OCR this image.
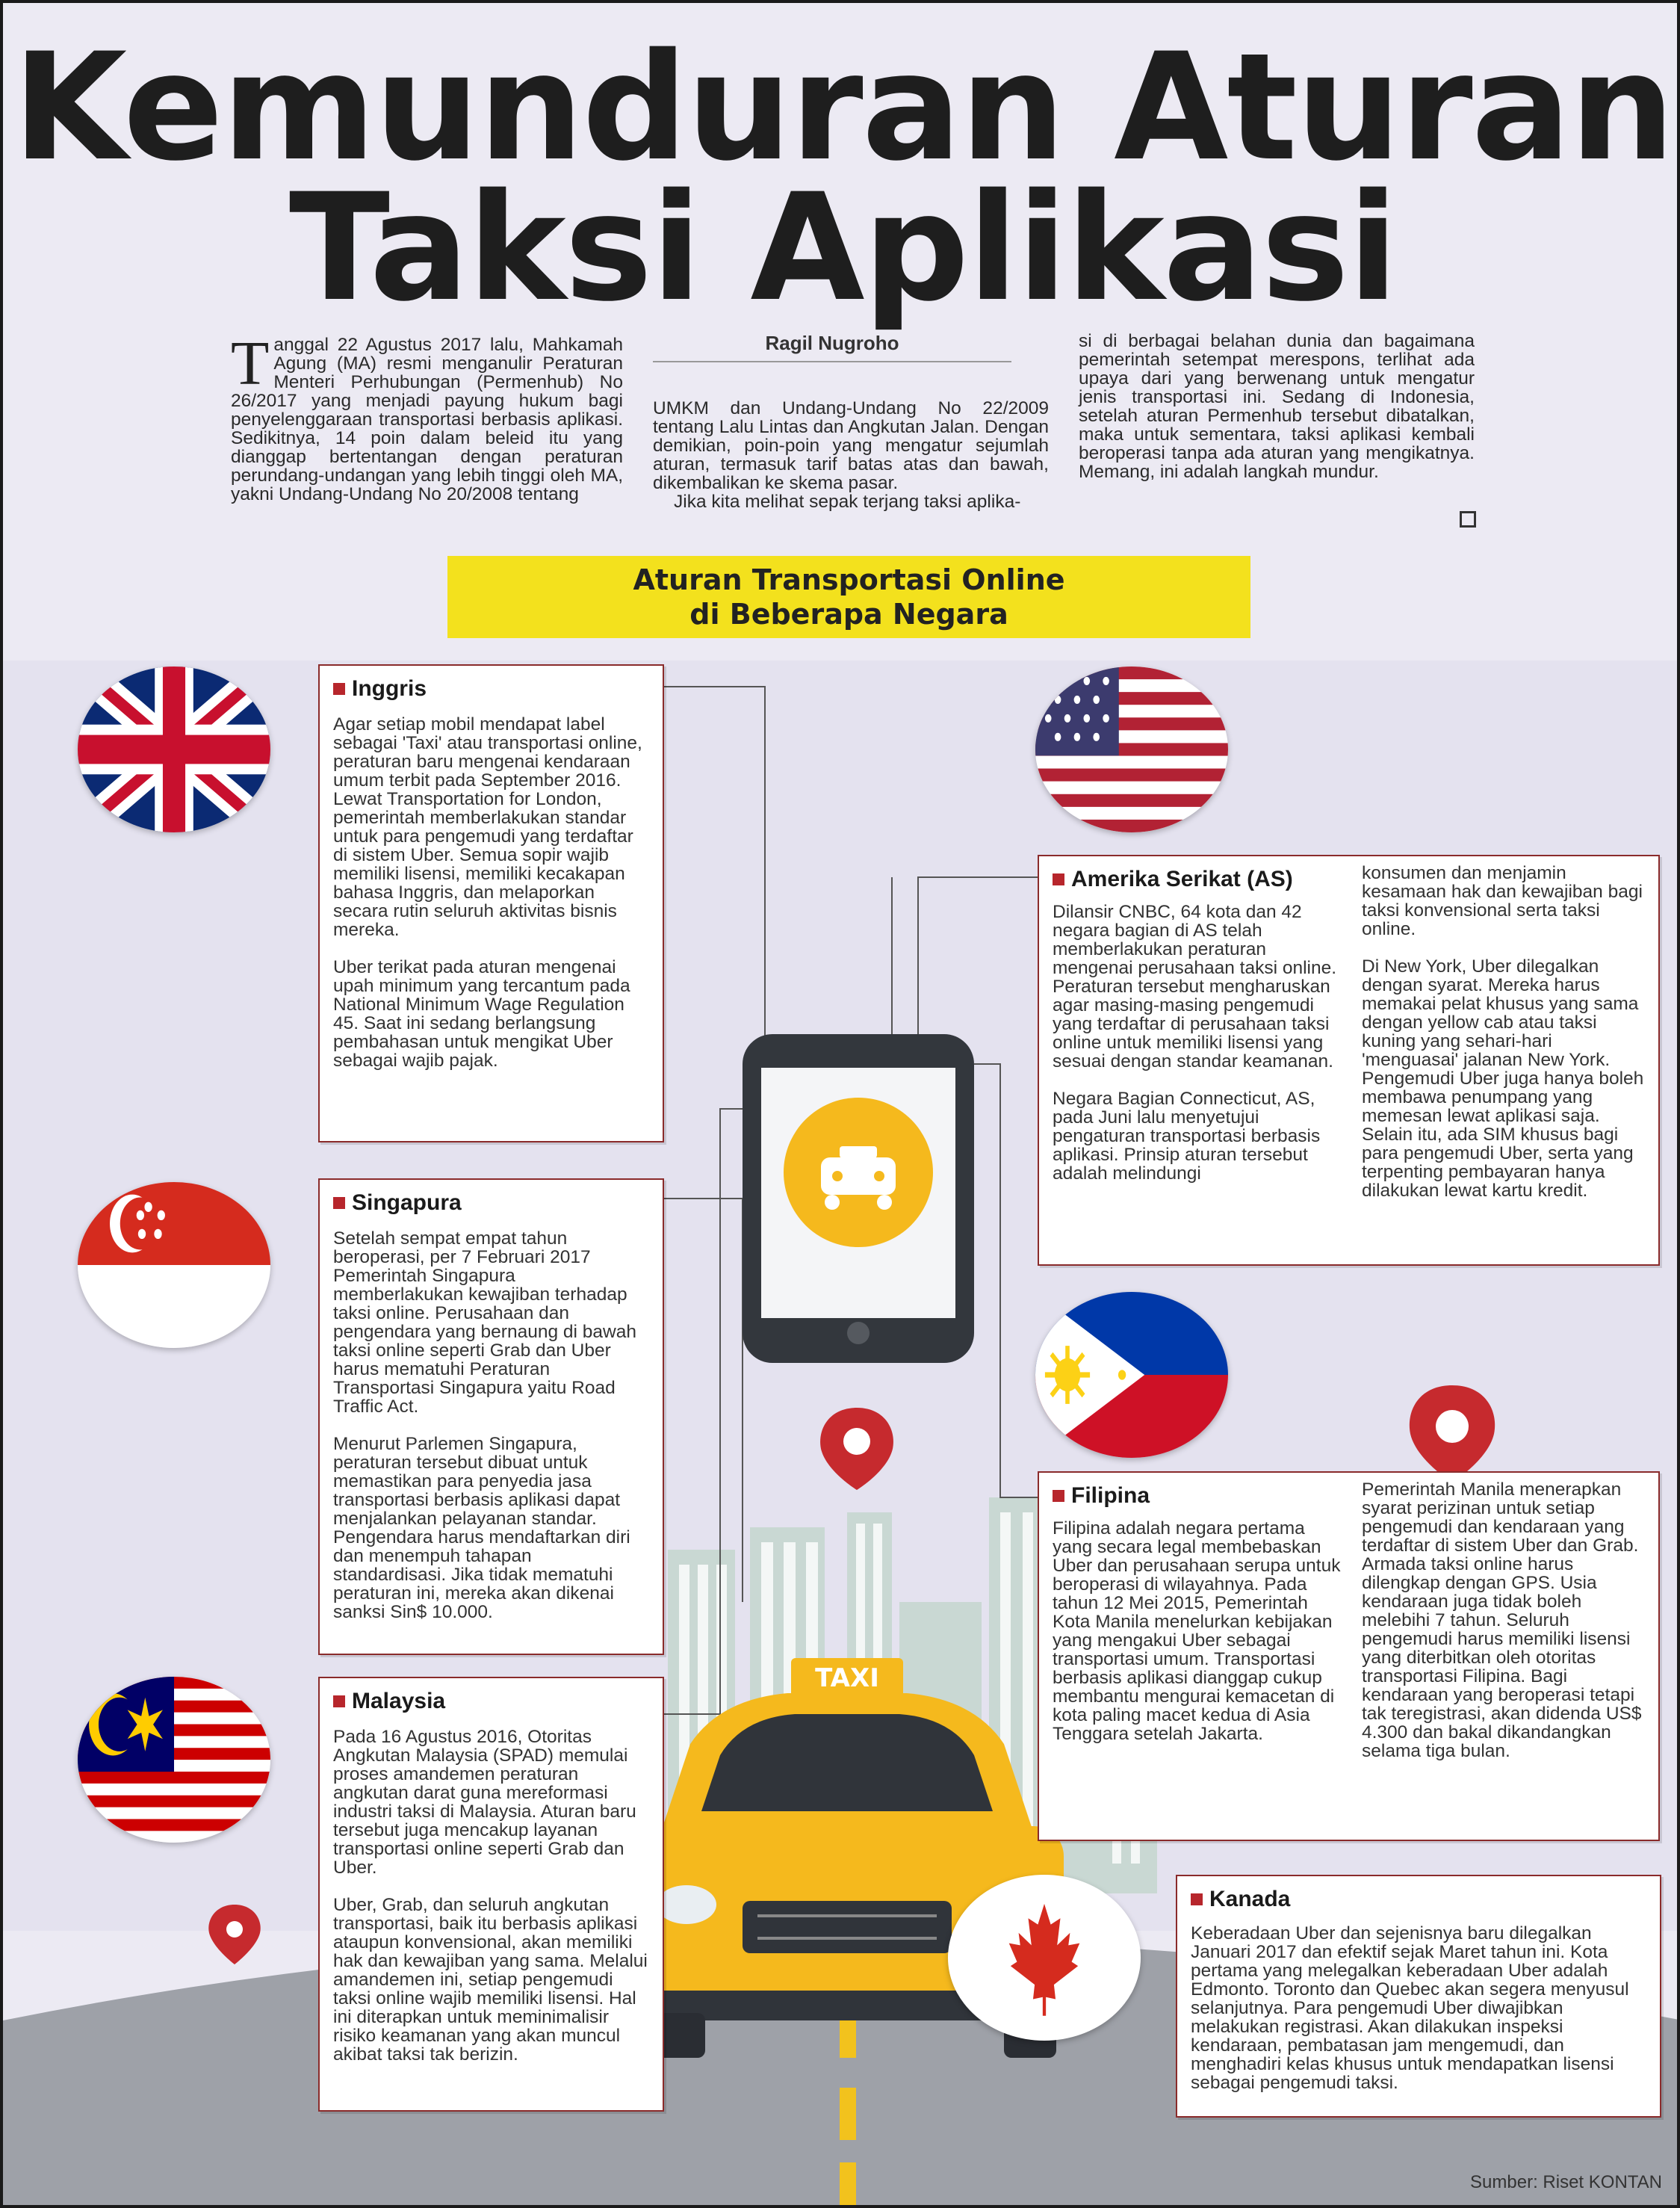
Kemunduran Aturan
Taksi Aplikasi
Ragil Nugroho

Tanggal 22 Agustus 2017 lalu, Mahkamah Agung (MA) resmi menganulir Peraturan Menteri Perhubungan (Permenhub) No 26/2017 yang menjadi payung hukum bagi penyelenggaraan transportasi berbasis aplikasi. Sedikitnya, 14 poin dalam beleid itu yang dianggap bertentangan dengan peraturan perundang-undangan yang lebih tinggi oleh MA, yakni Undang-Undang No 20/2008 tentang

UMKM dan Undang-Undang No 22/2009 tentang Lalu Lintas dan Angkutan Jalan. Dengan demikian, poin-poin yang mengatur sejumlah aturan, termasuk tarif batas atas dan bawah, dikembalikan ke skema pasar.
Jika kita melihat sepak terjang taksi aplika-
si di berbagai belahan dunia dan bagaimana pemerintah setempat merespons, terlihat ada upaya dari yang berwenang untuk mengatur jenis transportasi ini. Sedang di Indonesia, setelah aturan Permenhub tersebut dibatalkan, maka untuk sementara, taksi aplikasi kembali beroperasi tanpa ada aturan yang mengikatnya. Memang, ini adalah langkah mundur.
Aturan Transportasi Online
di Beberapa Negara
TAXI
Inggris

Agar setiap mobil mendapat label sebagai 'Taxi' atau transportasi online, peraturan baru mengenai kendaraan umum terbit pada September 2016. Lewat Transportation for London, pemerintah memberlakukan standar untuk para pengemudi yang terdaftar di sistem Uber. Semua sopir wajib memiliki lisensi, memiliki kecakapan bahasa Inggris, dan melaporkan secara rutin seluruh aktivitas bisnis mereka.

Uber terikat pada aturan mengenai upah minimum yang tercantum pada National Minimum Wage Regulation 45. Saat ini sedang berlangsung pembahasan untuk mengikat Uber sebagai wajib pajak.

Singapura

Setelah sempat empat tahun beroperasi, per 7 Februari 2017 Pemerintah Singapura memberlakukan kewajiban terhadap taksi online. Perusahaan dan pengendara yang bernaung di bawah taksi online seperti Grab dan Uber harus mematuhi Peraturan Transportasi Singapura yaitu Road Traffic Act.

Menurut Parlemen Singapura, peraturan tersebut dibuat untuk memastikan para penyedia jasa transportasi berbasis aplikasi dapat menjalankan pelayanan standar. Pengendara harus mendaftarkan diri dan menempuh tahapan standardisasi. Jika tidak mematuhi peraturan ini, mereka akan dikenai sanksi Sin$ 10.000.

Malaysia

Pada 16 Agustus 2016, Otoritas Angkutan Malaysia (SPAD) memulai proses amandemen peraturan angkutan darat guna mereformasi industri taksi di Malaysia. Aturan baru tersebut juga mencakup layanan transportasi online seperti Grab dan Uber.

Uber, Grab, dan seluruh angkutan transportasi, baik itu berbasis aplikasi ataupun konvensional, akan memiliki hak dan kewajiban yang sama. Melalui amandemen ini, setiap pengemudi taksi online wajib memiliki lisensi. Hal ini diterapkan untuk meminimalisir risiko keamanan yang akan muncul akibat taksi tak berizin.

Amerika Serikat (AS)

Dilansir CNBC, 64 kota dan 42 negara bagian di AS telah memberlakukan peraturan mengenai perusahaan taksi online. Peraturan tersebut mengharuskan agar masing-masing pengemudi yang terdaftar di perusahaan taksi online untuk memiliki lisensi yang sesuai dengan standar keamanan.

Negara Bagian Connecticut, AS, pada Juni lalu menyetujui pengaturan transportasi berbasis aplikasi. Prinsip aturan tersebut adalah melindungi

konsumen dan menjamin kesamaan hak dan kewajiban bagi taksi konvensional serta taksi online.

Di New York, Uber dilegalkan dengan syarat. Mereka harus memakai pelat khusus yang sama dengan yellow cab atau taksi kuning yang sehari-hari 'menguasai' jalanan New York. Pengemudi Uber juga hanya boleh membawa penumpang yang memesan lewat aplikasi saja. Selain itu, ada SIM khusus bagi para pengemudi Uber, serta yang terpenting pembayaran hanya dilakukan lewat kartu kredit.

Filipina

Filipina adalah negara pertama yang secara legal membebaskan Uber dan perusahaan serupa untuk beroperasi di wilayahnya. Pada tahun 12 Mei 2015, Pemerintah Kota Manila menelurkan kebijakan yang mengakui Uber sebagai transportasi umum. Transportasi berbasis aplikasi dianggap cukup membantu mengurai kemacetan di kota paling macet kedua di Asia Tenggara setelah Jakarta.

Pemerintah Manila menerapkan syarat perizinan untuk setiap pengemudi dan kendaraan yang terdaftar di sistem Uber dan Grab. Armada taksi online harus dilengkap dengan GPS. Usia kendaraan juga tidak boleh melebihi 7 tahun. Seluruh pengemudi harus memiliki lisensi yang diterbitkan oleh otoritas transportasi Filipina. Bagi kendaraan yang beroperasi tetapi tak teregistrasi, akan didenda US$ 4.300 dan bakal dikandangkan selama tiga bulan.

Kanada

Keberadaan Uber dan sejenisnya baru dilegalkan Januari 2017 dan efektif sejak Maret tahun ini. Kota pertama yang melegalkan keberadaan Uber adalah Edmonto. Toronto dan Quebec akan segera menyusul selanjutnya. Para pengemudi Uber diwajibkan melakukan registrasi. Akan dilakukan inspeksi kendaraan, pembatasan jam mengemudi, dan menghadiri kelas khusus untuk mendapatkan lisensi sebagai pengemudi taksi.

Sumber: Riset KONTAN
